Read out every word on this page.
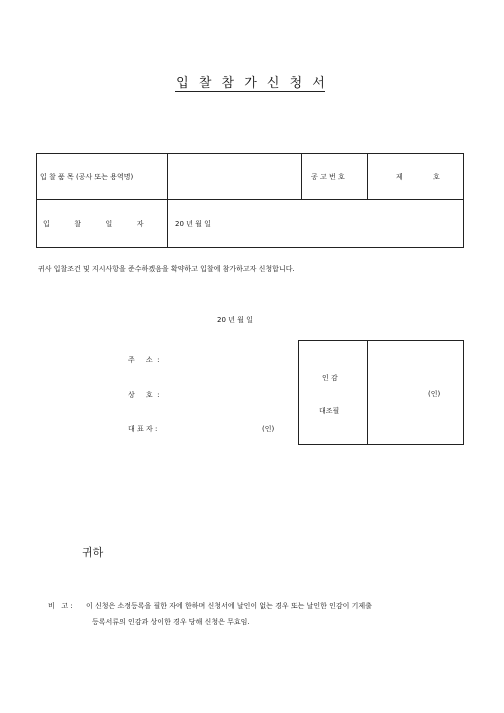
입 찰 참 가 신 청 서
입 찰 품 목 (공사 또는 용역명)	공 고 번 호	제	호
입           찰           일           자	20 년 월 일
귀사 입찰조건 및 지시사항을 준수하겠음을 확약하고 입찰에 참가하고자 신청합니다.
20 년 월 일
주     소  :
상     호  :
대 표 자 :	(인)
인 감
대조필
(인)
귀하
비   고 : 이 신청은 소정등록을 필한 자에 한하며 신청서에 날인이 없는 경우 또는 날인한 인감이 기제출
등록서류의 인감과 상이한 경우 당해 신청은 무효임.
